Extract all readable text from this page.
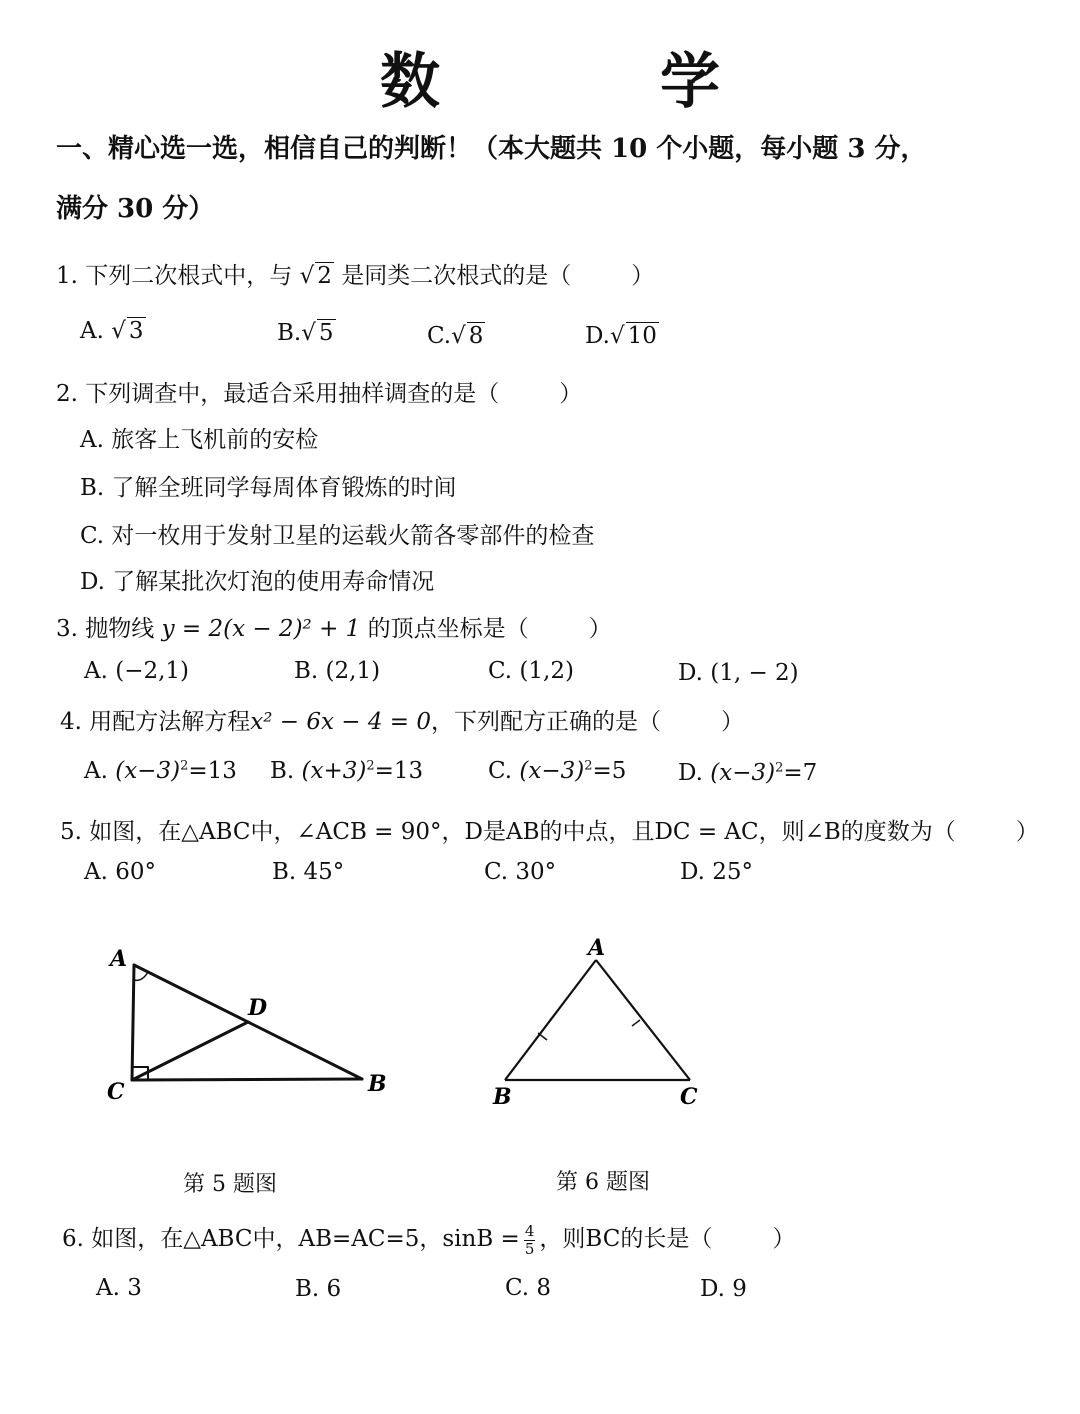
数　学
一、精心选一选，相信自己的判断！（本大题共 10 个小题，每小题 3 分，
满分 30 分）
1. 下列二次根式中，与 √ 2 是同类二次根式的是（	）
A. √ 3	B.√ 5	C.√ 8	D.√ 10
2. 下列调查中，最适合采用抽样调查的是（	）
A. 旅客上飞机前的安检
B. 了解全班同学每周体育锻炼的时间
C. 对一枚用于发射卫星的运载火箭各零部件的检查
D. 了解某批次灯泡的使用寿命情况
3. 抛物线 y = 2(x − 2)² + 1 的顶点坐标是（	）
A. (−2,1)	B. (2,1)	C. (1,2)	D. (1, − 2)
4. 用配方法解方程x² − 6x − 4 = 0，下列配方正确的是（	）
A. $(x-3)^2=13$ B. $(x+3)^2=13$	C. $(x-3)^2=5$ D. $(x-3)^2=7$
5. 如图，在△ABC中，∠ACB = 90°，D是AB的中点，且DC = AC，则∠B的度数为（	）
A. 60°	B. 45°	C. 30°	D. 25°
A
D
C	B
A
B	C
第 5 题图	第 6 题图
6. 如图，在△ABC中，AB=AC=5，$\sin B = \frac{4}{5}$ ，则BC的长是（	）
A. 3	B. 6	C. 8	D. 9
